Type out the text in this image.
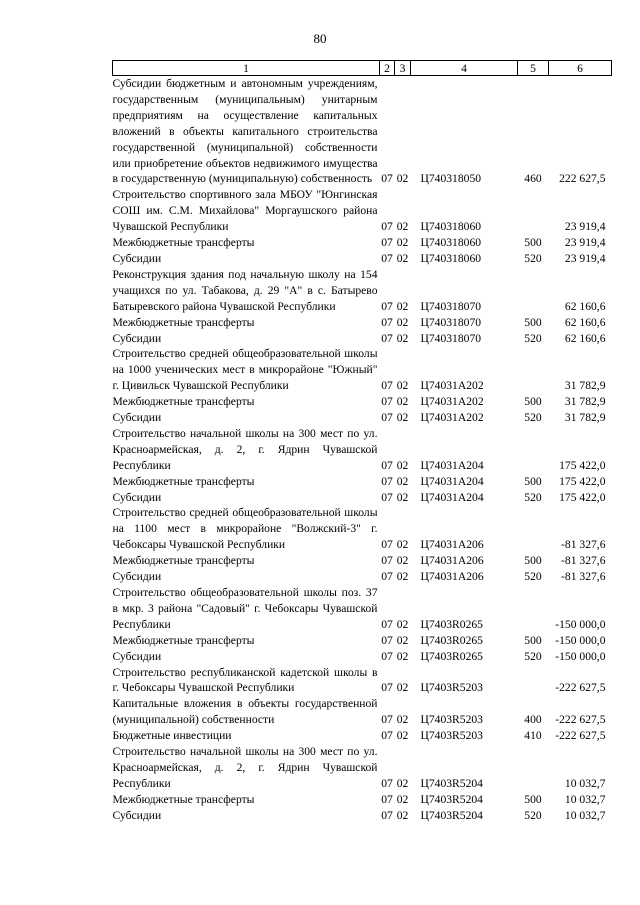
80
1	2	3	4	5	6
Субсидии бюджетным и автономным учреждениям, государственным (муниципальным) унитарным предприятиям на осуществление капитальных вложений в объекты капитального строительства государственной (муниципальной) собственности или приобретение объектов недвижимого имущества в государственную (муниципальную) собственность	07	02	Ц740318050	460	222 627,5
Строительство спортивного зала МБОУ "Юнгинская СОШ им. С.М. Михайлова" Моргаушского района Чувашской Республики	07	02	Ц740318060		23 919,4
Межбюджетные трансферты	07	02	Ц740318060	500	23 919,4
Субсидии	07	02	Ц740318060	520	23 919,4
Реконструкция здания под начальную школу на 154 учащихся по ул. Табакова, д. 29 "А" в с. Батырево Батыревского района Чувашской Республики	07	02	Ц740318070		62 160,6
Межбюджетные трансферты	07	02	Ц740318070	500	62 160,6
Субсидии	07	02	Ц740318070	520	62 160,6
Строительство средней общеобразовательной школы на 1000 ученических мест в микрорайоне "Южный" г. Цивильск Чувашской Республики	07	02	Ц74031А202		31 782,9
Межбюджетные трансферты	07	02	Ц74031А202	500	31 782,9
Субсидии	07	02	Ц74031А202	520	31 782,9
Строительство начальной школы на 300 мест по ул. Красноармейская, д. 2, г. Ядрин Чувашской Республики	07	02	Ц74031А204		175 422,0
Межбюджетные трансферты	07	02	Ц74031А204	500	175 422,0
Субсидии	07	02	Ц74031А204	520	175 422,0
Строительство средней общеобразовательной школы на 1100 мест в микрорайоне "Волжский-3" г. Чебоксары Чувашской Республики	07	02	Ц74031А206		-81 327,6
Межбюджетные трансферты	07	02	Ц74031А206	500	-81 327,6
Субсидии	07	02	Ц74031А206	520	-81 327,6
Строительство общеобразовательной школы поз. 37 в мкр. 3 района "Садовый" г. Чебоксары Чувашской Республики	07	02	Ц7403R0265		-150 000,0
Межбюджетные трансферты	07	02	Ц7403R0265	500	-150 000,0
Субсидии	07	02	Ц7403R0265	520	-150 000,0
Строительство республиканской кадетской школы в г. Чебоксары Чувашской Республики	07	02	Ц7403R5203		-222 627,5
Капитальные вложения в объекты государственной (муниципальной) собственности	07	02	Ц7403R5203	400	-222 627,5
Бюджетные инвестиции	07	02	Ц7403R5203	410	-222 627,5
Строительство начальной школы на 300 мест по ул. Красноармейская, д. 2, г. Ядрин Чувашской Республики	07	02	Ц7403R5204		10 032,7
Межбюджетные трансферты	07	02	Ц7403R5204	500	10 032,7
Субсидии	07	02	Ц7403R5204	520	10 032,7
